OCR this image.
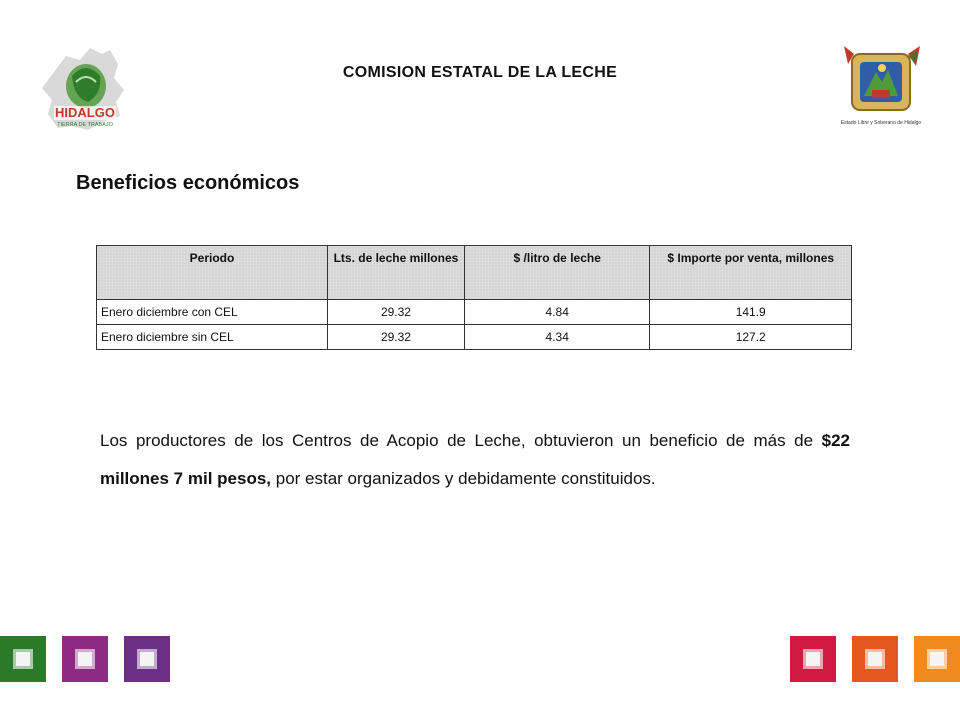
HIDALGO
TIERRA DE TRABAJO
COMISION ESTATAL DE LA LECHE
Estado Libre y Soberano de Hidalgo
Beneficios económicos
Periodo	Lts. de leche millones	$ /litro de leche	$ Importe por venta, millones
Enero diciembre con CEL	29.32	4.84	141.9
Enero diciembre sin CEL	29.32	4.34	127.2

Los productores de los Centros de Acopio de Leche, obtuvieron un beneficio de más de $22 millones 7 mil pesos, por estar organizados y debidamente constituidos.
